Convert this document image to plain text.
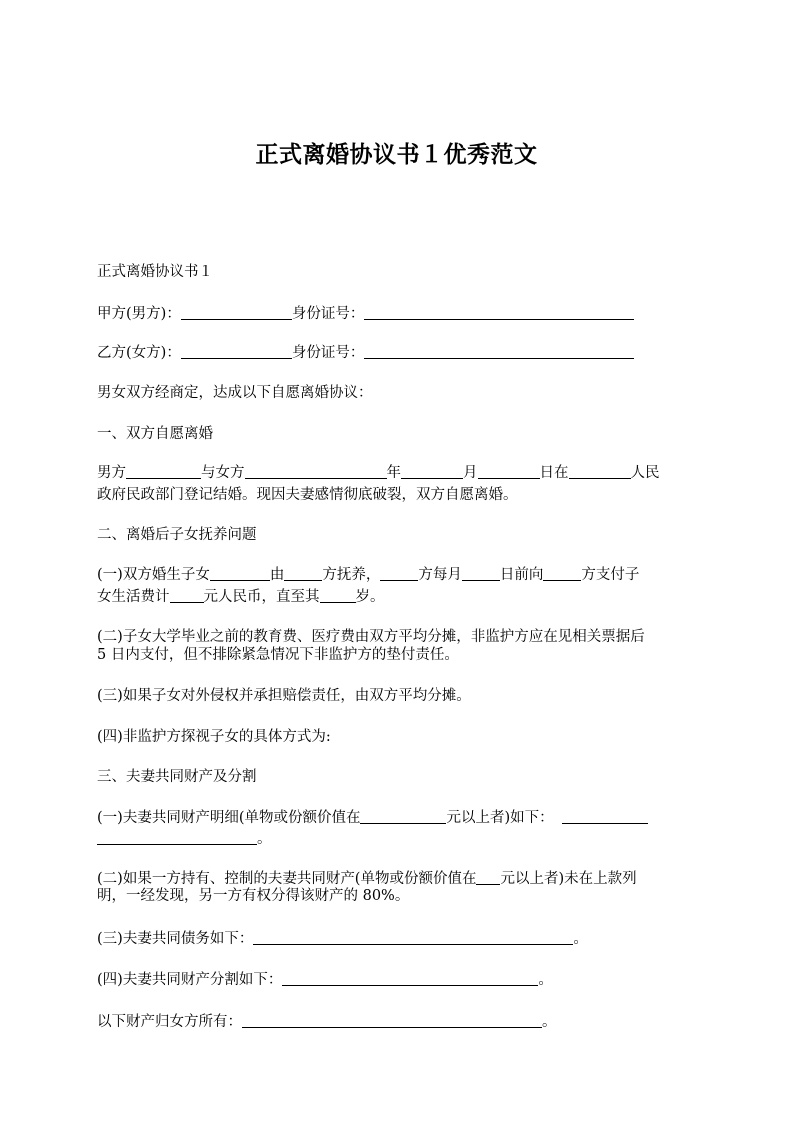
正式离婚协议书１优秀范文
正式离婚协议书１
甲方(男方)：	身份证号：
乙方(女方)：	身份证号：
男女双方经商定，达成以下自愿离婚协议：
一、双方自愿离婚
男方	与女方	年	月	日在	人民
政府民政部门登记结婚。现因夫妻感情彻底破裂，双方自愿离婚。
二、离婚后子女抚养问题
(一)双方婚生子女	由	方抚养，	方每月	日前向	方支付子
女生活费计 元人民币，直至其 岁。
(二)子女大学毕业之前的教育费、医疗费由双方平均分摊，非监护方应在见相关票据后
5 日内支付，但不排除紧急情况下非监护方的垫付责任。
(三)如果子女对外侵权并承担赔偿责任，由双方平均分摊。
(四)非监护方探视子女的具体方式为:
三、夫妻共同财产及分割
(一)夫妻共同财产明细(单物或份额价值在	元以上者)如下：
。
(二)如果一方持有、控制的夫妻共同财产(单物或份额价值在 元以上者)未在上款列
明，一经发现，另一方有权分得该财产的 80%。
(三)夫妻共同债务如下：	。
(四)夫妻共同财产分割如下：	。
以下财产归女方所有：	。
